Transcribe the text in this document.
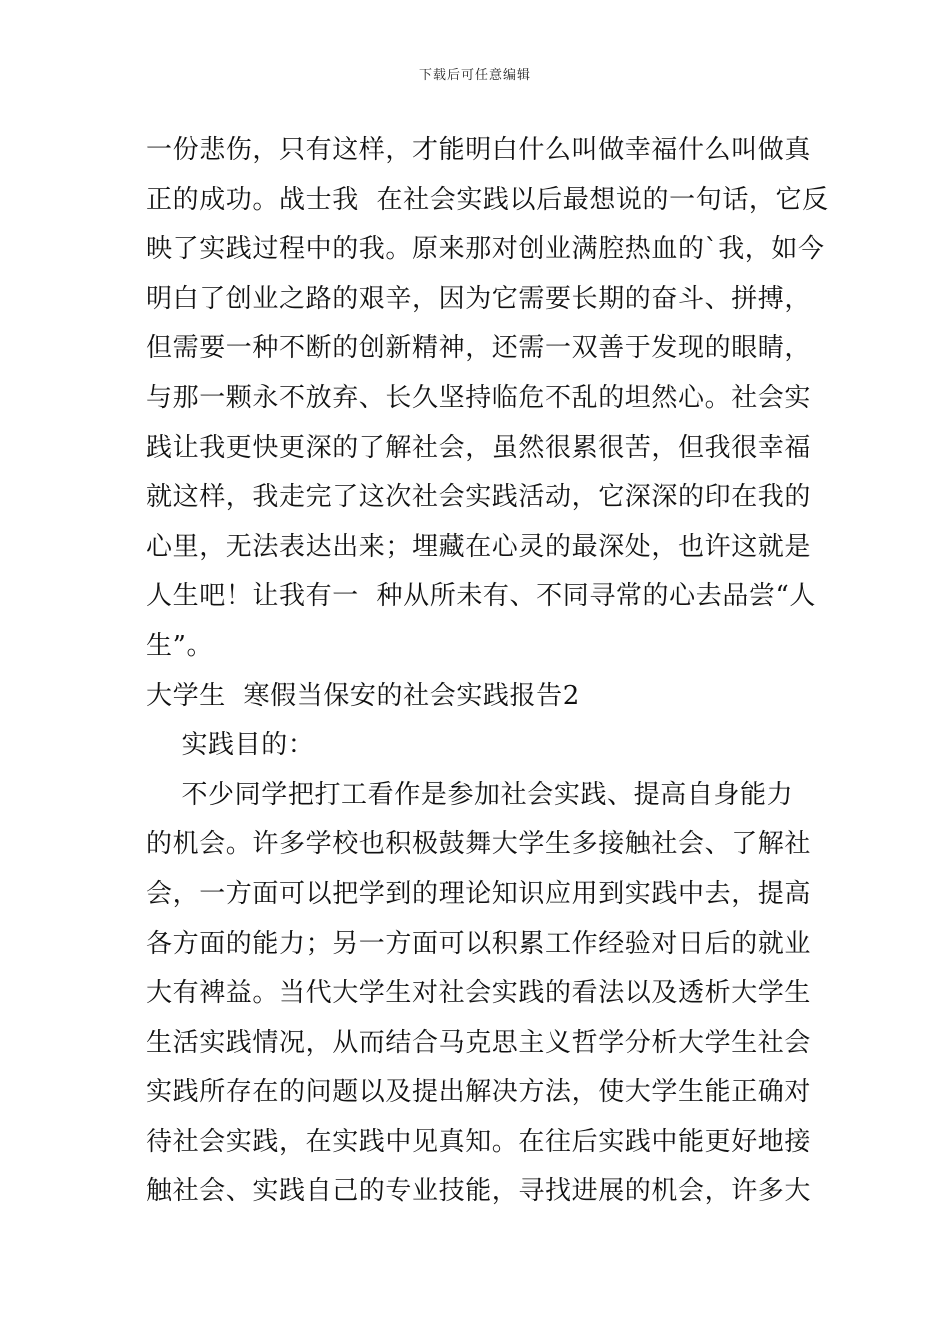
下载后可任意编辑
一份悲伤，只有这样，才能明白什么叫做幸福什么叫做真
正的成功。战士我  在社会实践以后最想说的一句话，它反
映了实践过程中的我。原来那对创业满腔热血的`我，如今
明白了创业之路的艰辛，因为它需要长期的奋斗、拼搏，
但需要一种不断的创新精神，还需一双善于发现的眼睛，
与那一颗永不放弃、长久坚持临危不乱的坦然心。社会实
践让我更快更深的了解社会，虽然很累很苦，但我很幸福
就这样，我走完了这次社会实践活动，它深深的印在我的
心里，无法表达出来；埋藏在心灵的最深处，也许这就是
人生吧！让我有一  种从所未有、不同寻常的心去品尝“人
生”。
大学生  寒假当保安的社会实践报告2
实践目的：
不少同学把打工看作是参加社会实践、提高自身能力
的机会。许多学校也积极鼓舞大学生多接触社会、了解社
会，一方面可以把学到的理论知识应用到实践中去，提高
各方面的能力；另一方面可以积累工作经验对日后的就业
大有裨益。当代大学生对社会实践的看法以及透析大学生
生活实践情况，从而结合马克思主义哲学分析大学生社会
实践所存在的问题以及提出解决方法，使大学生能正确对
待社会实践，在实践中见真知。在往后实践中能更好地接
触社会、实践自己的专业技能，寻找进展的机会，许多大
